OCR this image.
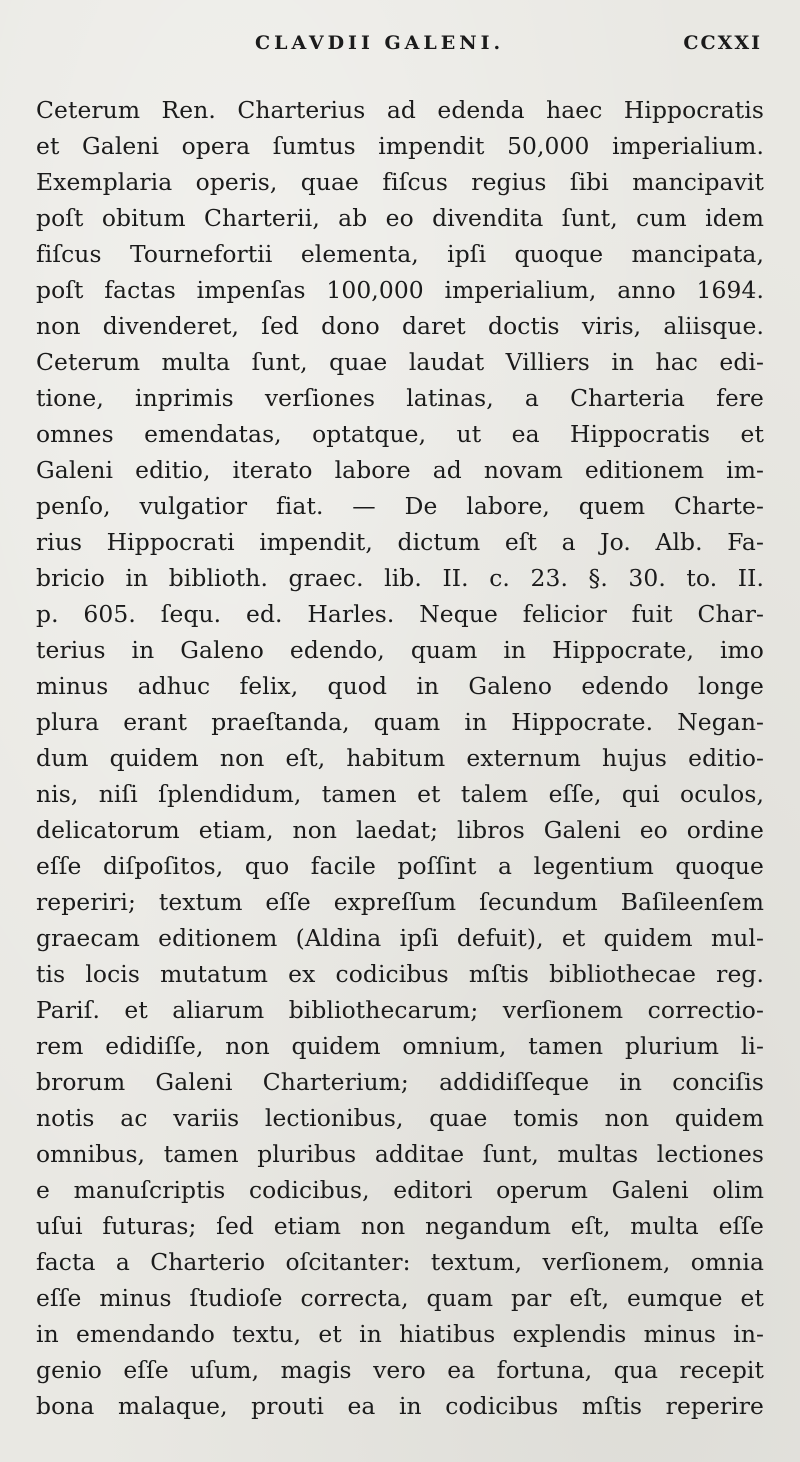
CLAVDII GALENI.	CCXXI
Ceterum Ren. Charterius ad edenda haec Hippocratis
et Galeni opera ſumtus impendit 50,000 imperialium.
Exemplaria operis, quae fiſcus regius ſibi mancipavit
poſt obitum Charterii, ab eo divendita ſunt, cum idem
fiſcus Tournefortii elementa, ipſi quoque mancipata,
poſt factas impenſas 100,000 imperialium, anno 1694.
non divenderet, ſed dono daret doctis viris, aliisque.
Ceterum multa ſunt, quae laudat Villiers in hac edi-
tione, inprimis verſiones latinas, a Charteria fere
omnes emendatas, optatque, ut ea Hippocratis et
Galeni editio, iterato labore ad novam editionem im-
penſo, vulgatior fiat. — De labore, quem Charte-
rius Hippocrati impendit, dictum eſt a Jo. Alb. Fa-
bricio in biblioth. graec. lib. II. c. 23. §. 30. to. II.
p. 605. ſequ. ed. Harles. Neque felicior fuit Char-
terius in Galeno edendo, quam in Hippocrate, imo
minus adhuc felix, quod in Galeno edendo longe
plura erant praeſtanda, quam in Hippocrate. Negan-
dum quidem non eſt, habitum externum hujus editio-
nis, niſi ſplendidum, tamen et talem eſſe, qui oculos,
delicatorum etiam, non laedat; libros Galeni eo ordine
eſſe diſpoſitos, quo facile poſſint a legentium quoque
reperiri; textum eſſe expreſſum ſecundum Baſileenſem
graecam editionem (Aldina ipſi defuit), et quidem mul-
tis locis mutatum ex codicibus mſtis bibliothecae reg.
Pariſ. et aliarum bibliothecarum; verſionem correctio-
rem edidiſſe, non quidem omnium, tamen plurium li-
brorum Galeni Charterium; addidiſſeque in conciſis
notis ac variis lectionibus, quae tomis non quidem
omnibus, tamen pluribus additae ſunt, multas lectiones
e manuſcriptis codicibus, editori operum Galeni olim
uſui futuras; ſed etiam non negandum eſt, multa eſſe
facta a Charterio oſcitanter: textum, verſionem, omnia
eſſe minus ſtudioſe correcta, quam par eſt, eumque et
in emendando textu, et in hiatibus explendis minus in-
genio eſſe uſum, magis vero ea fortuna, qua recepit
bona malaque, prouti ea in codicibus mſtis reperire
